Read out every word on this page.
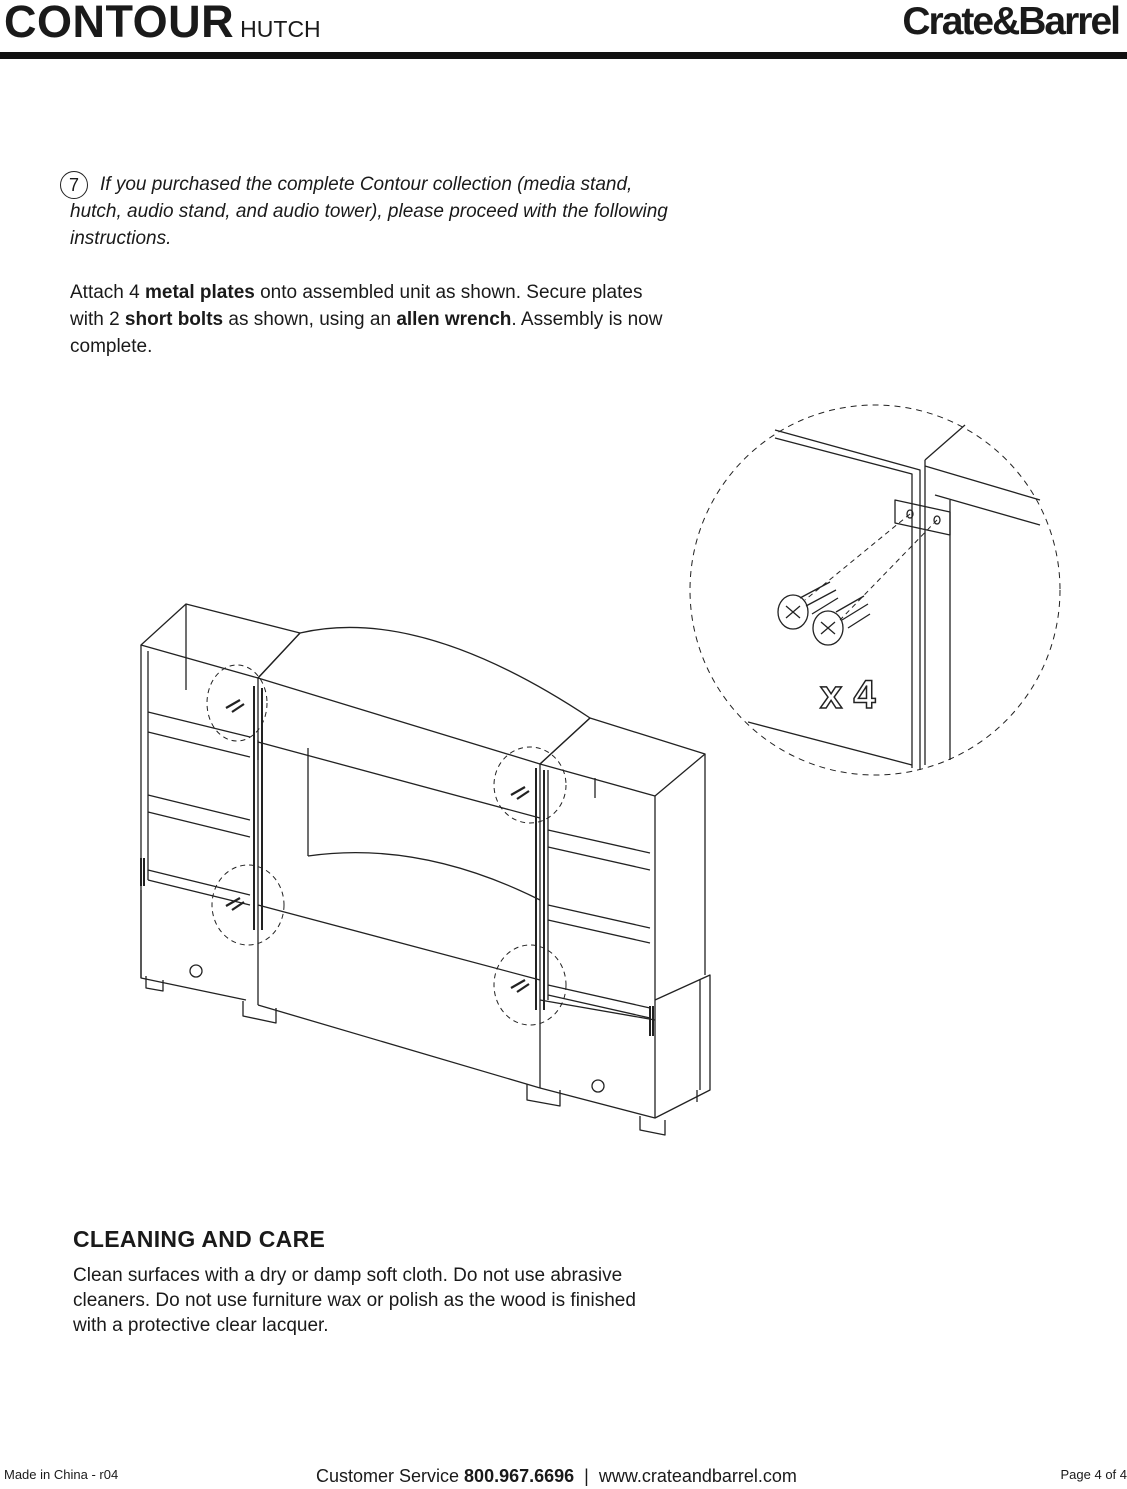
CONTOUR HUTCH	Crate&Barrel
7	If you purchased the complete Contour collection (media stand, hutch, audio stand, and audio tower), please proceed with the following instructions.

Attach 4 metal plates onto assembled unit as shown. Secure plates with 2 short bolts as shown, using an allen wrench. Assembly is now complete.

x 4
CLEANING AND CARE

Clean surfaces with a dry or damp soft cloth. Do not use abrasive cleaners. Do not use furniture wax or polish as the wood is finished with a protective clear lacquer.

Made in China - r04	Customer Service 800.967.6696  |  www.crateandbarrel.com	Page 4 of 4
